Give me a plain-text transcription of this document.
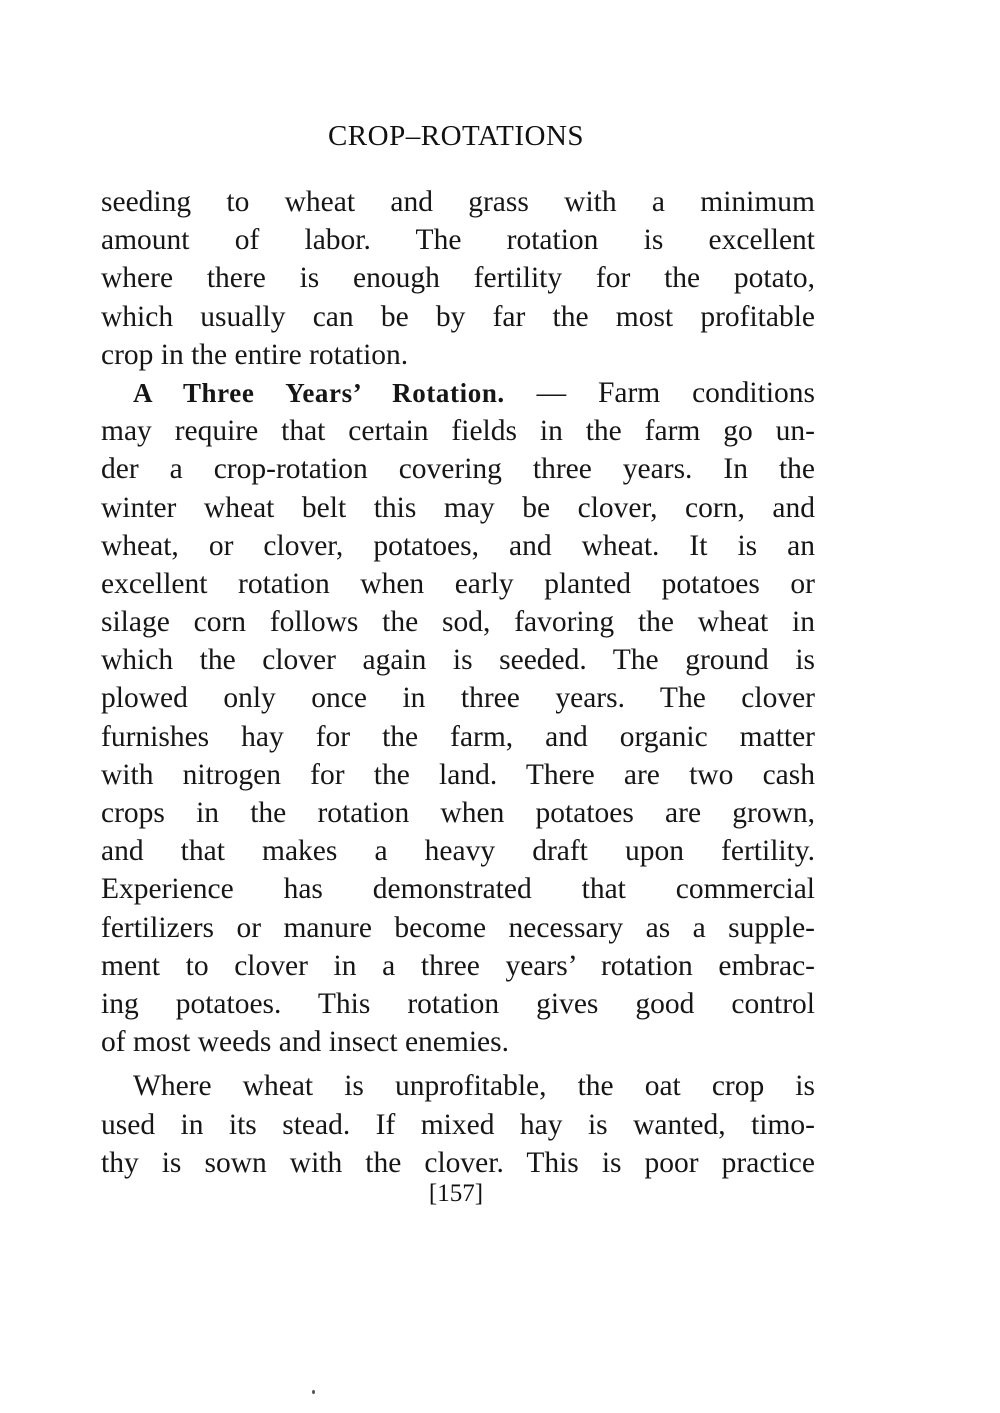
CROP–ROTATIONS
seeding to wheat and grass with a minimum
amount of labor. The rotation is excellent
where there is enough fertility for the potato,
which usually can be by far the most profitable
crop in the entire rotation.
A Three Years’ Rotation. — Farm conditions
may require that certain fields in the farm go un-
der a crop-rotation covering three years. In the
winter wheat belt this may be clover, corn, and
wheat, or clover, potatoes, and wheat. It is an
excellent rotation when early planted potatoes or
silage corn follows the sod, favoring the wheat in
which the clover again is seeded. The ground is
plowed only once in three years. The clover
furnishes hay for the farm, and organic matter
with nitrogen for the land. There are two cash
crops in the rotation when potatoes are grown,
and that makes a heavy draft upon fertility.
Experience has demonstrated that commercial
fertilizers or manure become necessary as a supple-
ment to clover in a three years’ rotation embrac-
ing potatoes. This rotation gives good control
of most weeds and insect enemies.
Where wheat is unprofitable, the oat crop is
used in its stead. If mixed hay is wanted, timo-
thy is sown with the clover. This is poor practice
[157]
